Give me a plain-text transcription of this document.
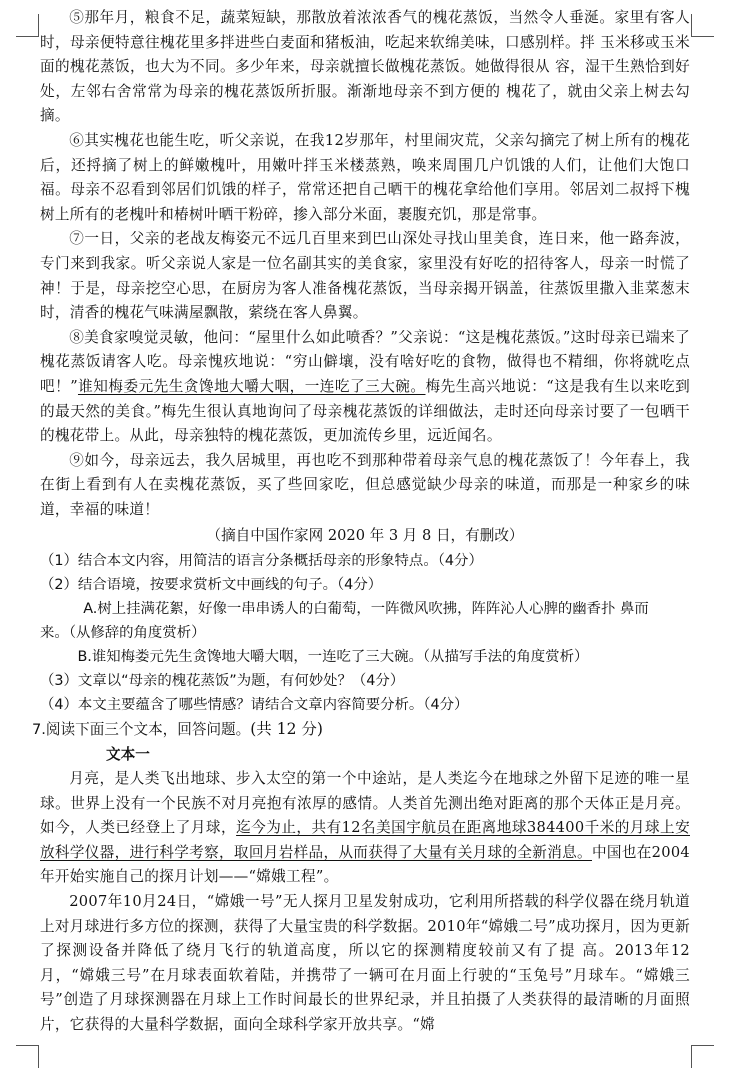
⑤那年月，粮食不足，蔬菜短缺，那散放着浓浓香气的槐花蒸饭，当然令人垂涎。家里有客人时，母亲便特意往槐花里多拌进些白麦面和猪板油，吃起来软绵美味，口感别样。拌 玉米移或玉米面的槐花蒸饭，也大为不同。多少年来，母亲就擅长做槐花蒸饭。她做得很从 容，湿干生熟恰到好处，左邻右舍常常为母亲的槐花蒸饭所折服。渐渐地母亲不到方便的 槐花了，就由父亲上树去勾摘。

⑥其实槐花也能生吃，听父亲说，在我12岁那年，村里闹灾荒，父亲勾摘完了树上所有的槐花后，还捋摘了树上的鲜嫩槐叶，用嫩叶拌玉米楼蒸熟，唤来周围几户饥饿的人们，让他们大饱口福。母亲不忍看到邻居们饥饿的样子，常常还把自己晒干的槐花拿给他们享用。邻居刘二叔捋下槐树上所有的老槐叶和椿树叶晒干粉碎，掺入部分米面，裹腹充饥，那是常事。

⑦一日，父亲的老战友梅姿元不远几百里来到巴山深处寻找山里美食，连日来，他一路奔波，专门来到我家。听父亲说人家是一位名副其实的美食家，家里没有好吃的招待客人，母亲一时慌了神！于是，母亲挖空心思，在厨房为客人准备槐花蒸饭，当母亲揭开锅盖，往蒸饭里撒入韭菜葱末时，清香的槐花气味满屋飘散，萦绕在客人鼻翼。

⑧美食家嗅觉灵敏，他问：“屋里什么如此喷香？”父亲说：“这是槐花蒸饭。”这时母亲已端来了槐花蒸饭请客人吃。母亲愧疚地说：“穷山僻壤，没有啥好吃的食物，做得也不精细，你将就吃点吧！”谁知梅委元先生贪馋地大嚼大咽，一连吃了三大碗。梅先生高兴地说：“这是我有生以来吃到的最天然的美食。”梅先生很认真地询问了母亲槐花蒸饭的详细做法，走时还向母亲讨要了一包晒干的槐花带上。从此，母亲独特的槐花蒸饭，更加流传乡里，远近闻名。

⑨如今，母亲远去，我久居城里，再也吃不到那种带着母亲气息的槐花蒸饭了！今年春上，我在街上看到有人在卖槐花蒸饭，买了些回家吃，但总感觉缺少母亲的味道，而那是一种家乡的味道，幸福的味道！

（摘自中国作家网 2020 年 3 月 8 日，有删改）

（1）结合本文内容，用简洁的语言分条概括母亲的形象特点。（4分）

（2）结合语境，按要求赏析文中画线的句子。（4分）

A.树上挂满花絮，好像一串串诱人的白葡萄，一阵微风吹拂，阵阵沁人心脾的幽香扑 鼻而

来。（从修辞的角度赏析）

B.谁知梅娄元先生贪馋地大嚼大咽，一连吃了三大碗。（从描写手法的角度赏析）

（3）文章以“母亲的槐花蒸饭”为题，有何妙处？（4分）

（4）本文主要蕴含了哪些情感？请结合文章内容简要分析。（4分）

7.阅读下面三个文本，回答问题。(共 12 分)

文本一

月亮，是人类飞出地球、步入太空的第一个中途站，是人类迄今在地球之外留下足迹的唯一星球。世界上没有一个民族不对月亮抱有浓厚的感情。人类首先测出绝对距离的那个天体正是月亮。如今，人类已经登上了月球，迄今为止，共有12名美国宇航员在距离地球384400千米的月球上安放科学仪器，进行科学考察，取回月岩样品，从而获得了大量有关月球的全新消息。中国也在2004年开始实施自己的探月计划——“嫦娥工程”。

2007年10月24日，“嫦娥一号”无人探月卫星发射成功，它利用所搭载的科学仪器在绕月轨道上对月球进行多方位的探测，获得了大量宝贵的科学数据。2010年“嫦娥二号”成功探月，因为更新了探测设备并降低了绕月飞行的轨道高度，所以它的探测精度较前又有了提 高。2013年12月，“嫦娥三号”在月球表面软着陆，并携带了一辆可在月面上行驶的“玉兔号”月球车。“嫦娥三号”创造了月球探测器在月球上工作时间最长的世界纪录，并且拍摄了人类获得的最清晰的月面照片，它获得的大量科学数据，面向全球科学家开放共享。“嫦
